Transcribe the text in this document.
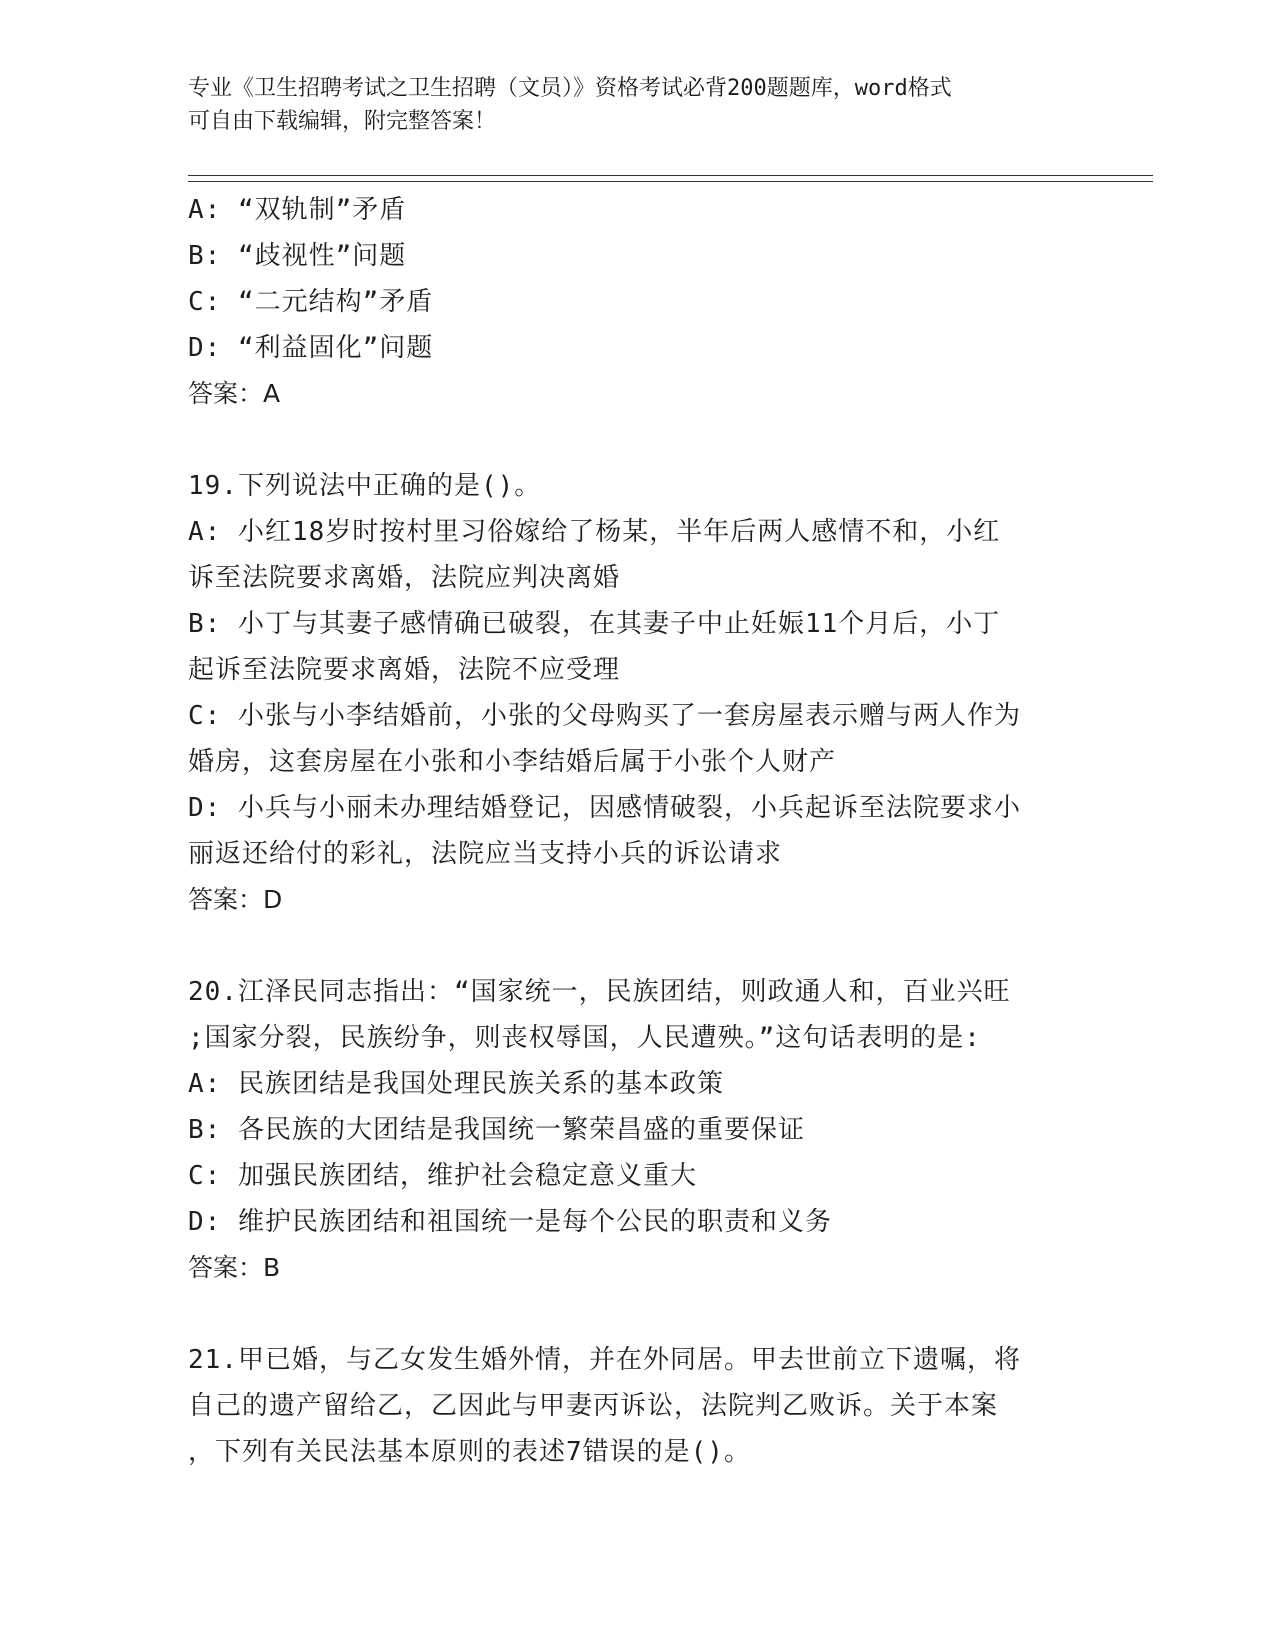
专业《卫生招聘考试之卫生招聘（文员）》资格考试必背200题题库，word格式
可自由下载编辑，附完整答案！

A: “双轨制”矛盾

B: “歧视性”问题

C: “二元结构”矛盾

D: “利益固化”问题

答案：A

19.下列说法中正确的是()。

A: 小红18岁时按村里习俗嫁给了杨某，半年后两人感情不和，小红

诉至法院要求离婚，法院应判决离婚

B: 小丁与其妻子感情确已破裂，在其妻子中止妊娠11个月后，小丁

起诉至法院要求离婚，法院不应受理

C: 小张与小李结婚前，小张的父母购买了一套房屋表示赠与两人作为

婚房，这套房屋在小张和小李结婚后属于小张个人财产

D: 小兵与小丽未办理结婚登记，因感情破裂，小兵起诉至法院要求小

丽返还给付的彩礼，法院应当支持小兵的诉讼请求

答案：D

20.江泽民同志指出：“国家统一，民族团结，则政通人和，百业兴旺

;国家分裂，民族纷争，则丧权辱国，人民遭殃。”这句话表明的是:

A: 民族团结是我国处理民族关系的基本政策

B: 各民族的大团结是我国统一繁荣昌盛的重要保证

C: 加强民族团结，维护社会稳定意义重大

D: 维护民族团结和祖国统一是每个公民的职责和义务

答案：B

21.甲已婚，与乙女发生婚外情，并在外同居。甲去世前立下遗嘱，将

自己的遗产留给乙，乙因此与甲妻丙诉讼，法院判乙败诉。关于本案

，下列有关民法基本原则的表述7错误的是()。
